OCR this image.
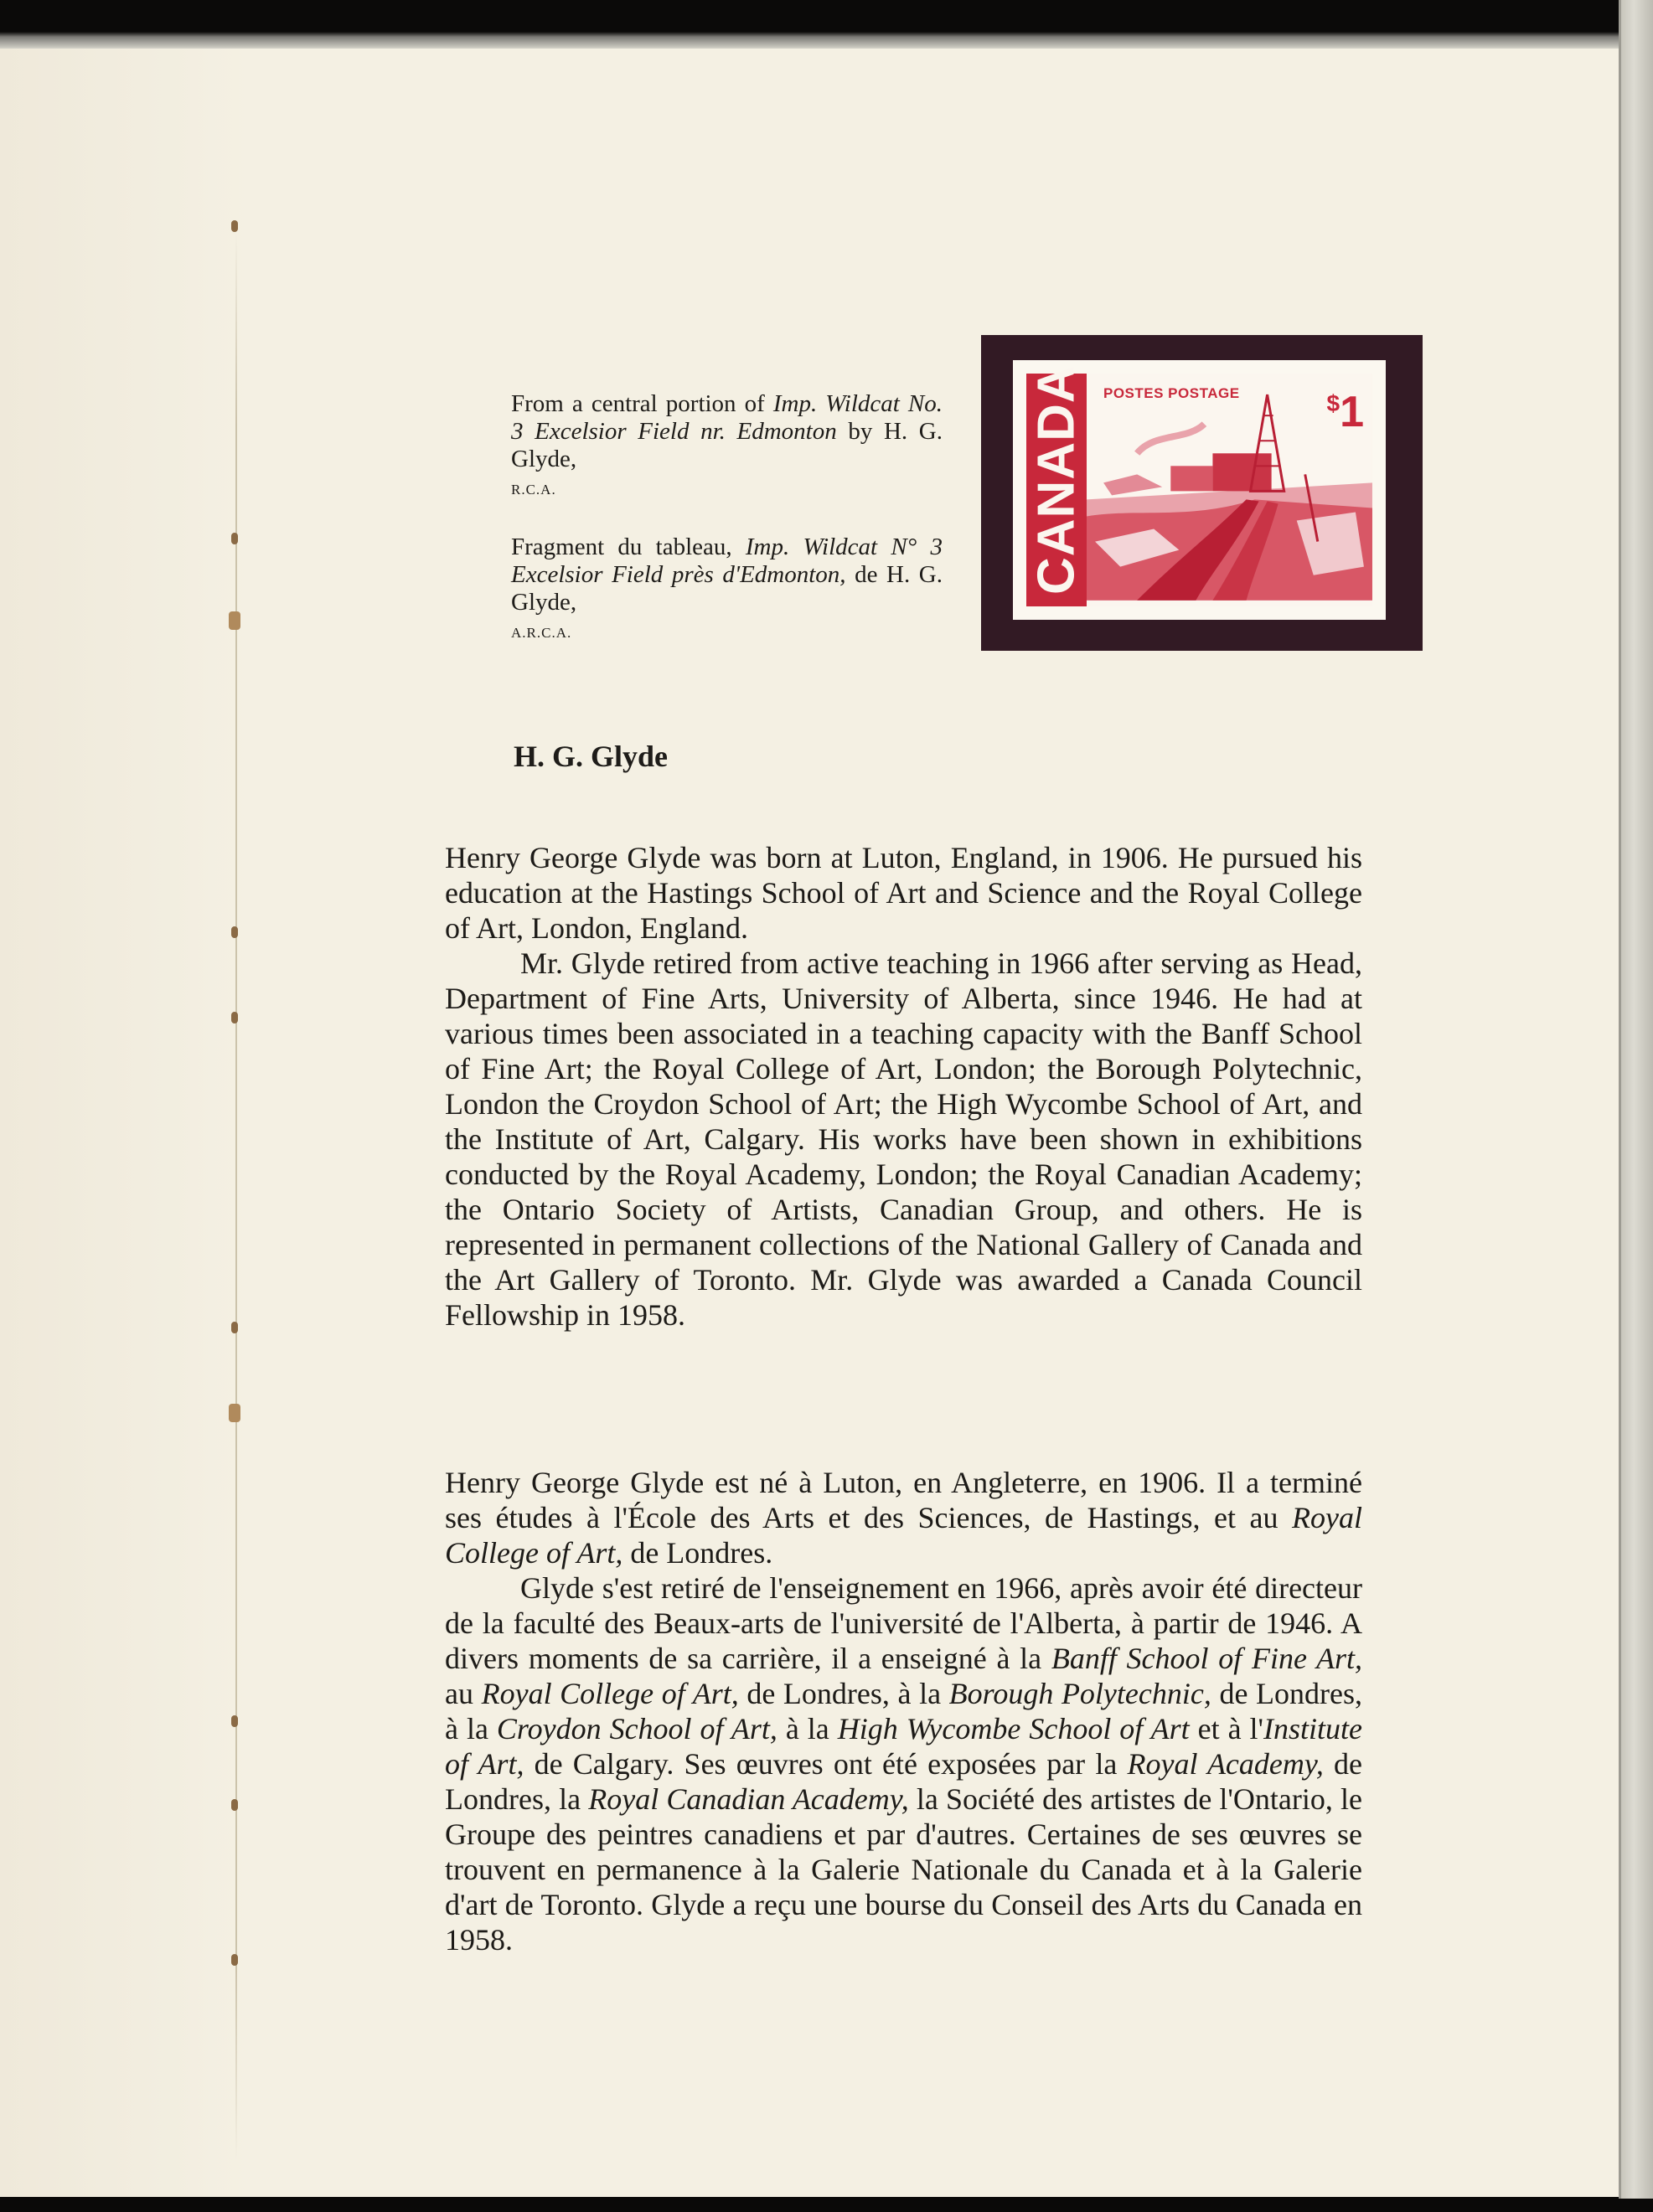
From a central portion of Imp. Wildcat No. 3 Excelsior Field nr. Edmonton by H. G. Glyde,
R.C.A.

Fragment du tableau, Imp. Wildcat N° 3 Excelsior Field près d'Edmonton, de H. G. Glyde,
A.R.C.A.

CANADA POSTES POSTAGE	$1
H. G. Glyde

Henry George Glyde was born at Luton, England, in 1906. He pursued his education at the Hastings School of Art and Science and the Royal College of Art, London, England.

Mr. Glyde retired from active teaching in 1966 after serving as Head, Department of Fine Arts, University of Alberta, since 1946. He had at various times been associated in a teaching capacity with the Banff School of Fine Art; the Royal College of Art, London; the Borough Polytechnic, London the Croydon School of Art; the High Wycombe School of Art, and the Institute of Art, Calgary. His works have been shown in exhibitions conducted by the Royal Academy, London; the Royal Canadian Academy; the Ontario Society of Artists, Canadian Group, and others. He is represented in permanent collections of the National Gallery of Canada and the Art Gallery of Toronto. Mr. Glyde was awarded a Canada Council Fellowship in 1958.

Henry George Glyde est né à Luton, en Angleterre, en 1906. Il a terminé ses études à l'École des Arts et des Sciences, de Hastings, et au Royal College of Art, de Londres.

Glyde s'est retiré de l'enseignement en 1966, après avoir été directeur de la faculté des Beaux-arts de l'université de l'Alberta, à partir de 1946. A divers moments de sa carrière, il a enseigné à la Banff School of Fine Art, au Royal College of Art, de Londres, à la Borough Polytechnic, de Londres, à la Croydon School of Art, à la High Wycombe School of Art et à l'Institute of Art, de Calgary. Ses œuvres ont été exposées par la Royal Academy, de Londres, la Royal Canadian Academy, la Société des artistes de l'Ontario, le Groupe des peintres canadiens et par d'autres. Certaines de ses œuvres se trouvent en permanence à la Galerie Nationale du Canada et à la Galerie d'art de Toronto. Glyde a reçu une bourse du Conseil des Arts du Canada en 1958.
